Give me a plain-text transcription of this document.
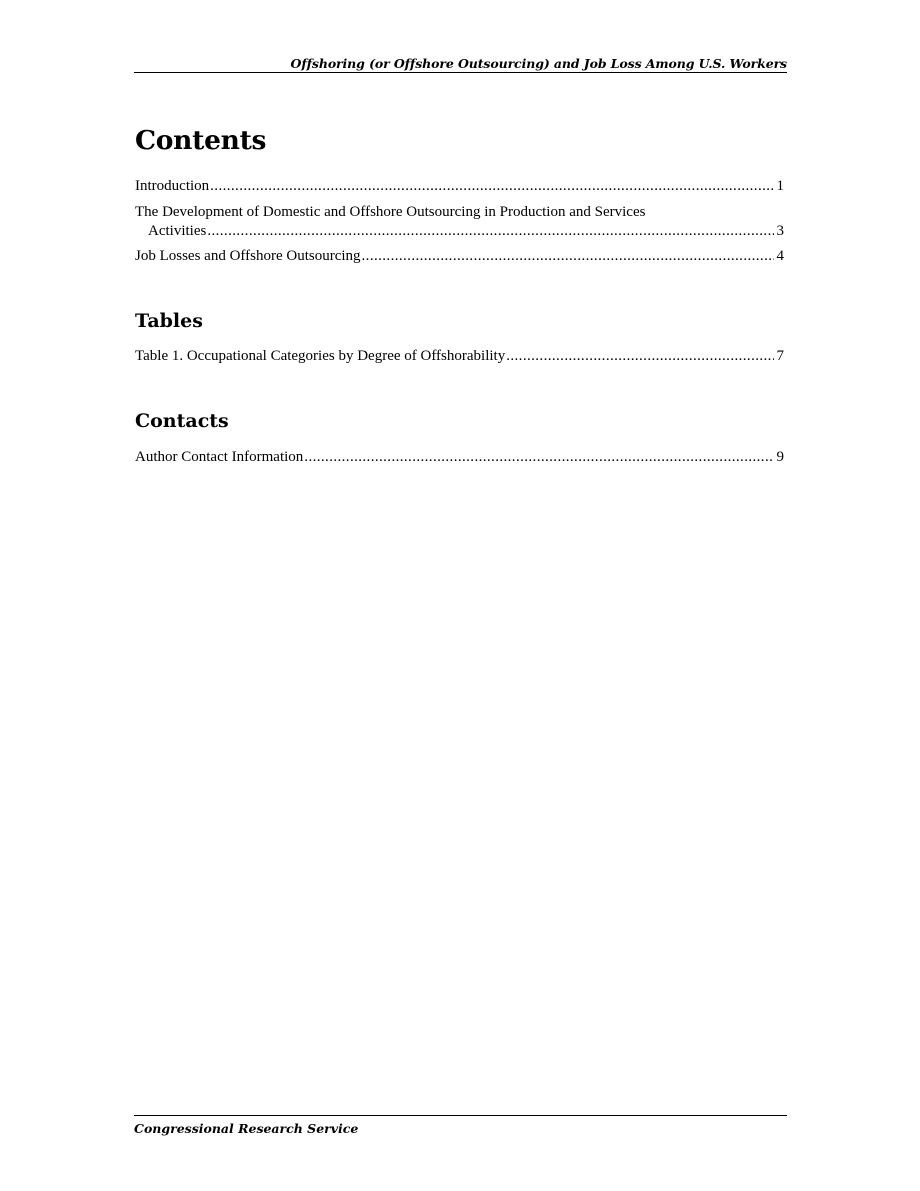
Offshoring (or Offshore Outsourcing) and Job Loss Among U.S. Workers
Contents
Introduction .....	1
The Development of Domestic and Offshore Outsourcing in Production and Services
Activities .....	3
Job Losses and Offshore Outsourcing .....	4
Tables
Table 1. Occupational Categories by Degree of Offshorability .....	7
Contacts
Author Contact Information .....	9
Congressional Research Service
